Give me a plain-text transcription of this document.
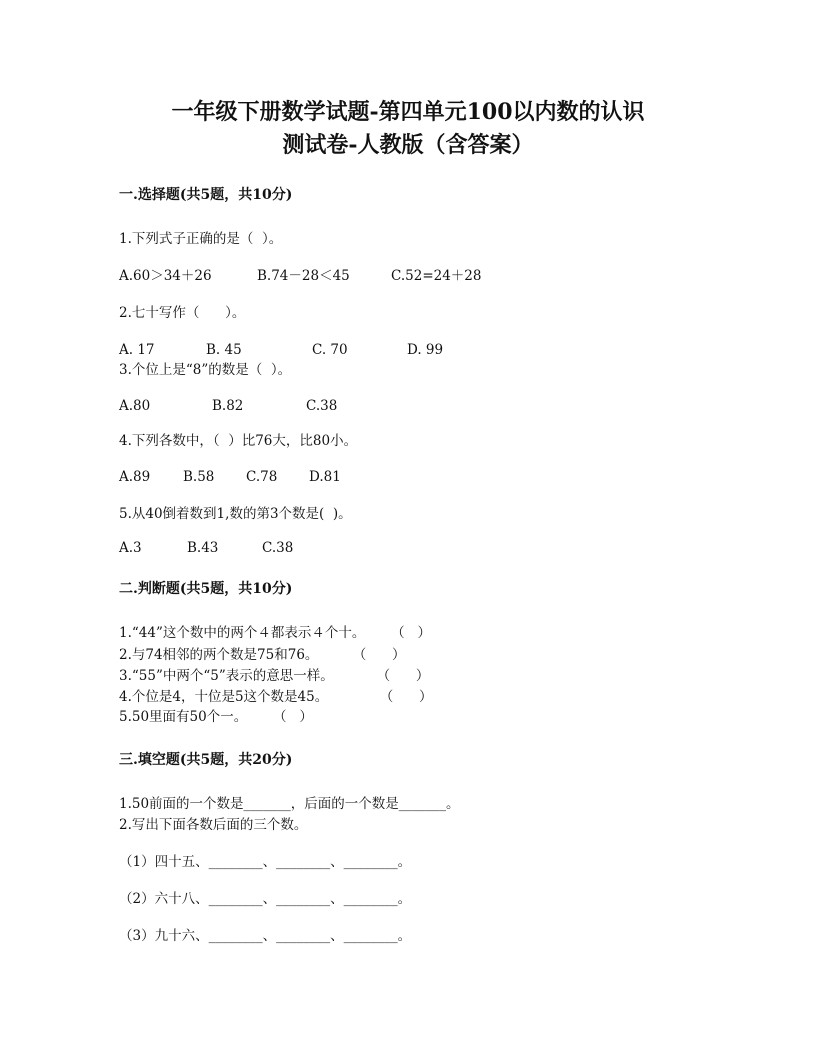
一年级下册数学试题-第四单元100以内数的认识
测试卷-人教版（含答案）
一.选择题(共5题，共10分)
1.下列式子正确的是（  ）。
A.60＞34＋26	B.74－28＜45	C.52=24＋28
2.七十写作（      ）。
A. 17	B. 45	C. 70	D. 99
3.个位上是“8”的数是（  ）。
A.80	B.82	C.38
4.下列各数中，（  ）比76大，比80小。
A.89 B.58 C.78 D.81
5.从40倒着数到1,数的第3个数是(  )。
A.3	B.43	C.38
二.判断题(共5题，共10分)
1.“44”这个数中的两个４都表示４个十。      （   ）
2.与74相邻的两个数是75和76。        （      ）
3.“55”中两个“5”表示的意思一样。          （      ）
4.个位是4，十位是5这个数是45。            （      ）
5.50里面有50个一。      （   ）
三.填空题(共5题，共20分)
1.50前面的一个数是_______，后面的一个数是_______。
2.写出下面各数后面的三个数。
（1）四十五、________、________、________。
（2）六十八、________、________、________。
（3）九十六、________、________、________。
